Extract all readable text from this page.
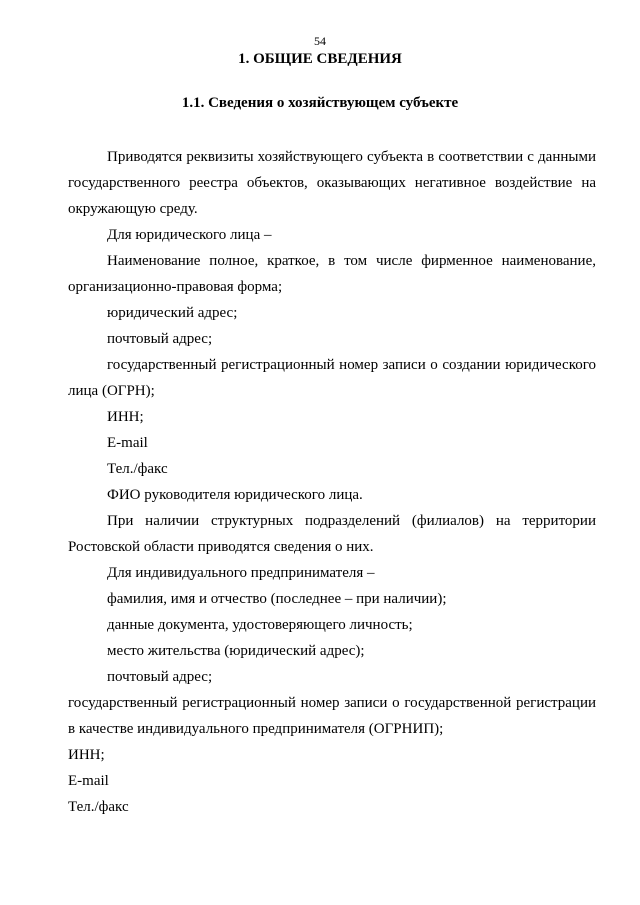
54
1. ОБЩИЕ СВЕДЕНИЯ
1.1. Сведения о хозяйствующем субъекте

Приводятся реквизиты хозяйствующего субъекта в соответствии с данными государственного реестра объектов, оказывающих негативное воздействие на окружающую среду.

Для юридического лица –

Наименование полное, краткое, в том числе фирменное наименование, организационно-правовая форма;

юридический адрес;

почтовый адрес;

государственный регистрационный номер записи о создании юридического лица (ОГРН);

ИНН;

E-mail

Тел./факс

ФИО руководителя юридического лица.

При наличии структурных подразделений (филиалов) на территории Ростовской области приводятся сведения о них.

Для индивидуального предпринимателя –

фамилия, имя и отчество (последнее – при наличии);

данные документа, удостоверяющего личность;

место жительства (юридический адрес);

почтовый адрес;

государственный регистрационный номер записи о государственной регистрации в качестве индивидуального предпринимателя (ОГРНИП);

ИНН;

E-mail

Тел./факс
